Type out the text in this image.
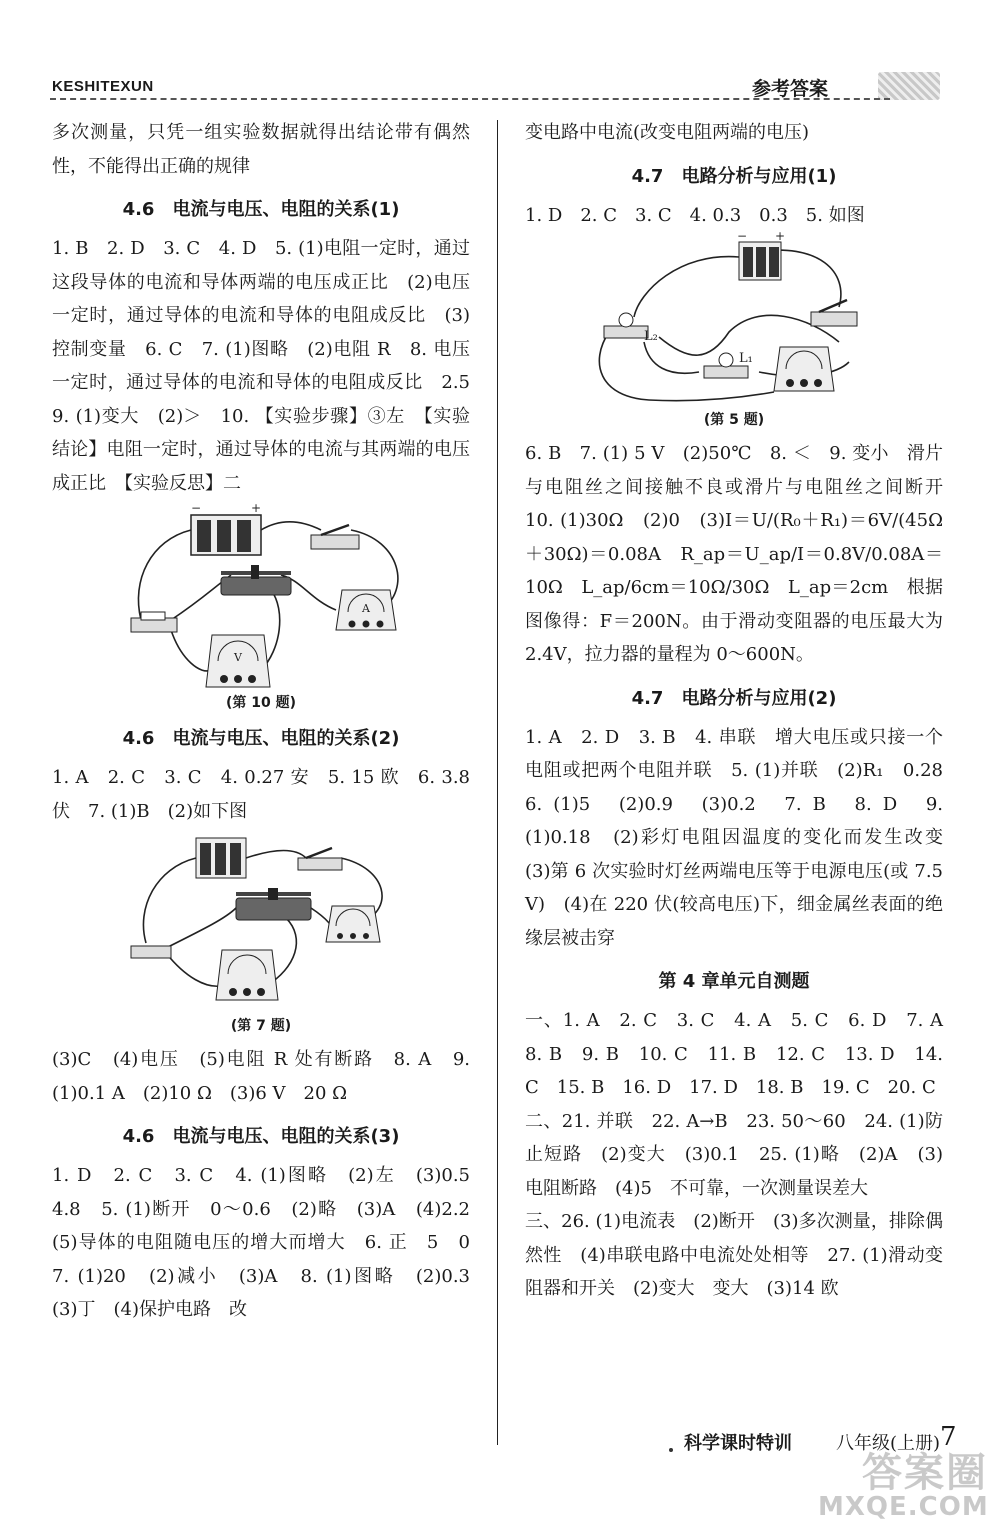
KESHITEXUN	参考答案
多次测量，只凭一组实验数据就得出结论带有偶然性，不能得出正确的规律
4.6　电流与电压、电阻的关系(1)
1. B　2. D　3. C　4. D　5. (1)电阻一定时，通过这段导体的电流和导体两端的电压成正比　(2)电压一定时，通过导体的电流和导体的电阻成反比　(3)控制变量　6. C　7. (1)图略　(2)电阻 R　8. 电压一定时，通过导体的电流和导体的电阻成反比　2.5　9. (1)变大　(2)＞　10. 【实验步骤】③左　【实验结论】电阻一定时，通过导体的电流与其两端的电压成正比　【实验反思】二
−	+
A
V
(第 10 题)
4.6　电流与电压、电阻的关系(2)
1. A　2. C　3. C　4. 0.27 安　5. 15 欧　6. 3.8 伏　7. (1)B　(2)如下图
(第 7 题)
(3)C　(4)电压　(5)电阻 R 处有断路　8. A　9. (1)0.1 A　(2)10 Ω　(3)6 V　20 Ω
4.6　电流与电压、电阻的关系(3)
1. D　2. C　3. C　4. (1)图略　(2)左　(3)0.5　4.8　5. (1)断开　0～0.6　(2)略　(3)A　(4)2.2　(5)导体的电阻随电压的增大而增大　6. 正　5　0　7. (1)20　(2)减小　(3)A　8. (1)图略　(2)0.3　(3)丁　(4)保护电路　改
变电路中电流(改变电阻两端的电压)
4.7　电路分析与应用(1)
1. D　2. C　3. C　4. 0.3　0.3　5. 如图
− +
L₂
L₁
(第 5 题)
6. B　7. (1) 5 V　(2)50℃　8. ＜　9. 变小　滑片与电阻丝之间接触不良或滑片与电阻丝之间断开　10. (1)30Ω　(2)0　(3)I＝U/(R₀＋R₁)＝6V/(45Ω＋30Ω)＝0.08A　R_ap＝U_ap/I＝0.8V/0.08A＝10Ω　L_ap/6cm＝10Ω/30Ω　L_ap＝2cm　根据图像得：F＝200N。由于滑动变阻器的电压最大为 2.4V，拉力器的量程为 0～600N。
4.7　电路分析与应用(2)
1. A　2. D　3. B　4. 串联　增大电压或只接一个电阻或把两个电阻并联　5. (1)并联　(2)R₁　0.28　6. (1)5　(2)0.9　(3)0.2　7. B　8. D　9. (1)0.18　(2)彩灯电阻因温度的变化而发生改变　(3)第 6 次实验时灯丝两端电压等于电源电压(或 7.5 V)　(4)在 220 伏(较高电压)下，细金属丝表面的绝缘层被击穿
第 4 章单元自测题
一、1. A　2. C　3. C　4. A　5. C　6. D　7. A　8. B　9. B　10. C　11. B　12. C　13. D　14. C　15. B　16. D　17. D　18. B　19. C　20. C
二、21. 并联　22. A→B　23. 50～60　24. (1)防止短路　(2)变大　(3)0.1　25. (1)略　(2)A　(3)电阻断路　(4)5　不可靠，一次测量误差大
三、26. (1)电流表　(2)断开　(3)多次测量，排除偶然性　(4)串联电路中电流处处相等　27. (1)滑动变阻器和开关　(2)变大　变大　(3)14 欧
科学课时特训 八年级(上册) 7
答案圈
MXQE.COM
